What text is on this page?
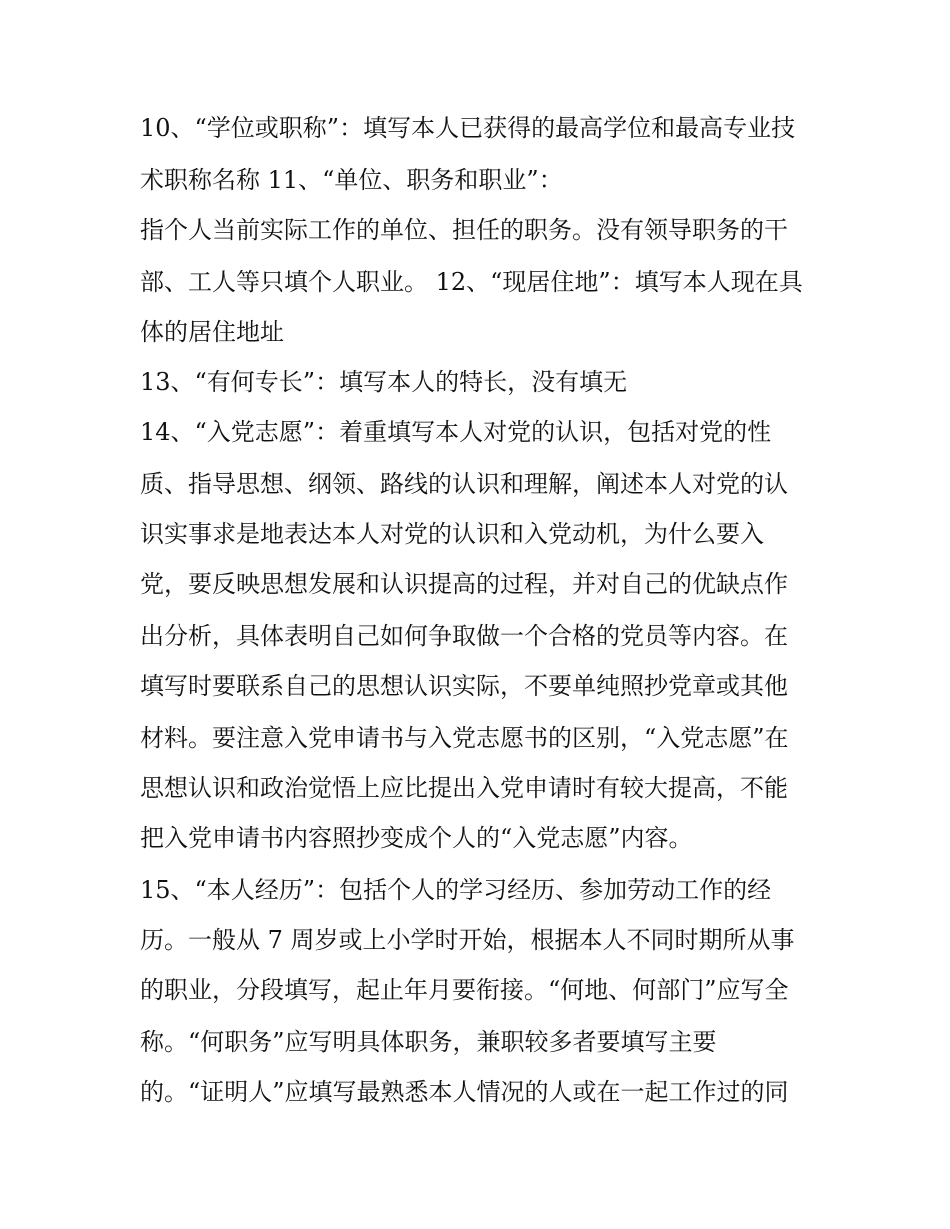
10、“学位或职称”：填写本人已获得的最高学位和最高专业技
术职称名称 11、“单位、职务和职业”：
指个人当前实际工作的单位、担任的职务。没有领导职务的干
部、工人等只填个人职业。 12、“现居住地”：填写本人现在具
体的居住地址
13、“有何专长”：填写本人的特长，没有填无
14、“入党志愿”：着重填写本人对党的认识，包括对党的性
质、指导思想、纲领、路线的认识和理解，阐述本人对党的认
识实事求是地表达本人对党的认识和入党动机，为什么要入
党，要反映思想发展和认识提高的过程，并对自己的优缺点作
出分析，具体表明自己如何争取做一个合格的党员等内容。在
填写时要联系自己的思想认识实际，不要单纯照抄党章或其他
材料。要注意入党申请书与入党志愿书的区别，“入党志愿”在
思想认识和政治觉悟上应比提出入党申请时有较大提高，不能
把入党申请书内容照抄变成个人的“入党志愿”内容。
15、“本人经历”：包括个人的学习经历、参加劳动工作的经
历。一般从 7 周岁或上小学时开始，根据本人不同时期所从事
的职业，分段填写，起止年月要衔接。“何地、何部门”应写全
称。“何职务”应写明具体职务，兼职较多者要填写主要
的。“证明人”应填写最熟悉本人情况的人或在一起工作过的同
